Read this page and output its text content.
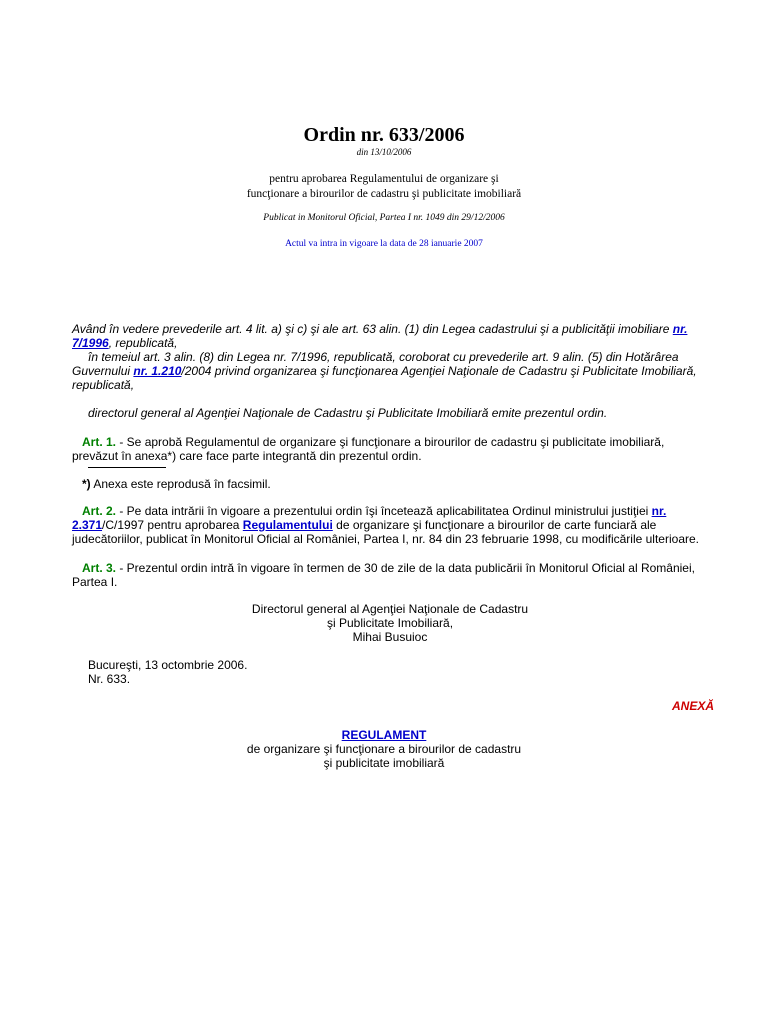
Ordin nr. 633/2006
din 13/10/2006
pentru aprobarea Regulamentului de organizare şi
funcţionare a birourilor de cadastru şi publicitate imobiliară
Publicat in Monitorul Oficial, Partea I nr. 1049 din 29/12/2006
Actul va intra in vigoare la data de 28 ianuarie 2007

Având în vedere prevederile art. 4 lit. a) şi c) şi ale art. 63 alin. (1) din Legea cadastrului şi a publicităţii imobiliare nr. 7/1996, republicată,

în temeiul art. 3 alin. (8) din Legea nr. 7/1996, republicată, coroborat cu prevederile art. 9 alin. (5) din Hotărârea Guvernului nr. 1.210/2004 privind organizarea şi funcţionarea Agenţiei Naţionale de Cadastru şi Publicitate Imobiliară, republicată,

directorul general al Agenţiei Naţionale de Cadastru şi Publicitate Imobiliară emite prezentul ordin.

Art. 1. - Se aprobă Regulamentul de organizare şi funcţionare a birourilor de cadastru şi publicitate imobiliară, prevăzut în anexa*) care face parte integrantă din prezentul ordin.

*) Anexa este reprodusă în facsimil.

Art. 2. - Pe data intrării în vigoare a prezentului ordin îşi încetează aplicabilitatea Ordinul ministrului justiţiei nr. 2.371/C/1997 pentru aprobarea Regulamentului de organizare şi funcţionare a birourilor de carte funciară ale judecătoriilor, publicat în Monitorul Oficial al României, Partea I, nr. 84 din 23 februarie 1998, cu modificările ulterioare.

Art. 3. - Prezentul ordin intră în vigoare în termen de 30 de zile de la data publicării în Monitorul Oficial al României, Partea I.

Directorul general al Agenţiei Naţionale de Cadastru
şi Publicitate Imobiliară,
Mihai Busuioc
Bucureşti, 13 octombrie 2006.
Nr. 633.
ANEXĂ
REGULAMENT
de organizare şi funcţionare a birourilor de cadastru
şi publicitate imobiliară
